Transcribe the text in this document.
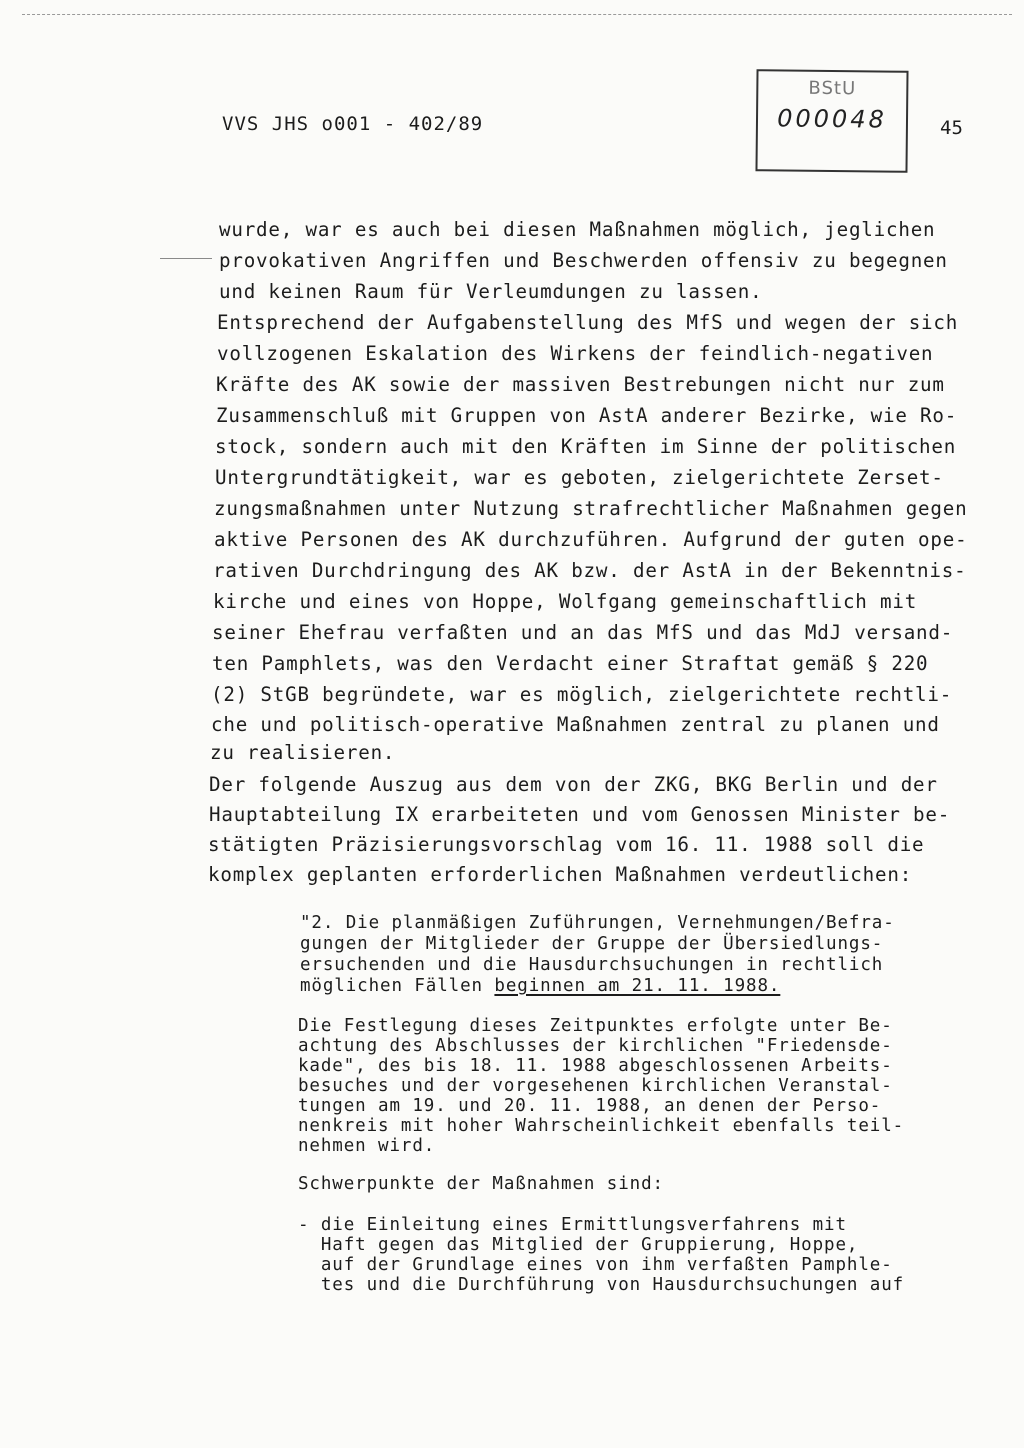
VVS JHS o001 - 402/89
BStU
000048	45
wurde, war es auch bei diesen Maßnahmen möglich, jeglichen
provokativen Angriffen und Beschwerden offensiv zu begegnen
und keinen Raum für Verleumdungen zu lassen.
Entsprechend der Aufgabenstellung des MfS und wegen der sich
vollzogenen Eskalation des Wirkens der feindlich-negativen
Kräfte des AK sowie der massiven Bestrebungen nicht nur zum
Zusammenschluß mit Gruppen von AstA anderer Bezirke, wie Ro-
stock, sondern auch mit den Kräften im Sinne der politischen
Untergrundtätigkeit, war es geboten, zielgerichtete Zerset-
zungsmaßnahmen unter Nutzung strafrechtlicher Maßnahmen gegen
aktive Personen des AK durchzuführen. Aufgrund der guten ope-
rativen Durchdringung des AK bzw. der AstA in der Bekenntnis-
kirche und eines von Hoppe, Wolfgang gemeinschaftlich mit
seiner Ehefrau verfaßten und an das MfS und das MdJ versand-
ten Pamphlets, was den Verdacht einer Straftat gemäß § 220
(2) StGB begründete, war es möglich, zielgerichtete rechtli-
che und politisch-operative Maßnahmen zentral zu planen und
zu realisieren.
Der folgende Auszug aus dem von der ZKG, BKG Berlin und der
Hauptabteilung IX erarbeiteten und vom Genossen Minister be-
stätigten Präzisierungsvorschlag vom 16. 11. 1988 soll die
komplex geplanten erforderlichen Maßnahmen verdeutlichen:
"2. Die planmäßigen Zuführungen, Vernehmungen/Befra-
gungen der Mitglieder der Gruppe der Übersiedlungs-
ersuchenden und die Hausdurchsuchungen in rechtlich
möglichen Fällen beginnen am 21. 11. 1988.
Die Festlegung dieses Zeitpunktes erfolgte unter Be-
achtung des Abschlusses der kirchlichen "Friedensde-
kade", des bis 18. 11. 1988 abgeschlossenen Arbeits-
besuches und der vorgesehenen kirchlichen Veranstal-
tungen am 19. und 20. 11. 1988, an denen der Perso-
nenkreis mit hoher Wahrscheinlichkeit ebenfalls teil-
nehmen wird.
Schwerpunkte der Maßnahmen sind:
- die Einleitung eines Ermittlungsverfahrens mit
Haft gegen das Mitglied der Gruppierung, Hoppe,
auf der Grundlage eines von ihm verfaßten Pamphle-
tes und die Durchführung von Hausdurchsuchungen auf
